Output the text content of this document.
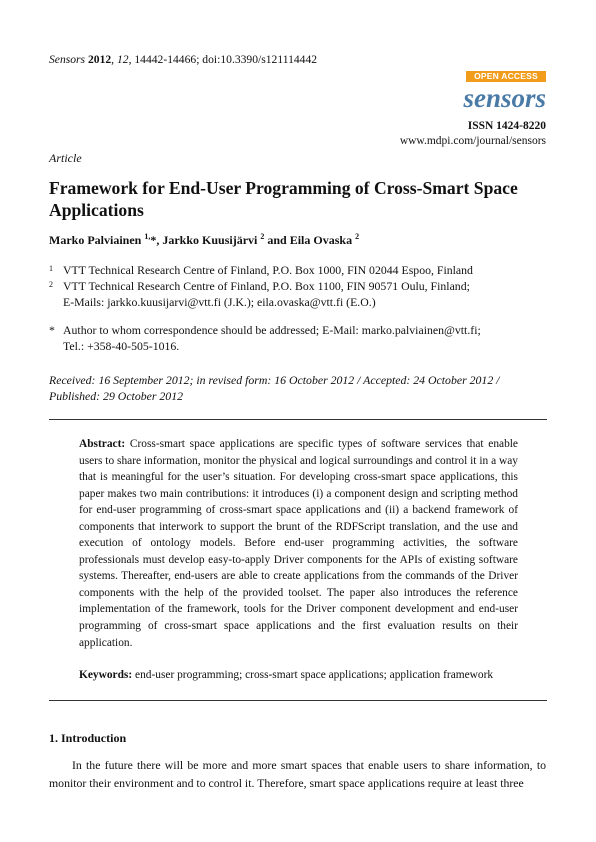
Sensors 2012, 12, 14442-14466; doi:10.3390/s121114442
OPEN ACCESS
sensors
ISSN 1424-8220
www.mdpi.com/journal/sensors
Article
Framework for End-User Programming of Cross-Smart Space Applications
Marko Palviainen $^{1,}$*, Jarkko Kuusijärvi $^2$ and Eila Ovaska $^2$
1 VTT Technical Research Centre of Finland, P.O. Box 1000, FIN 02044 Espoo, Finland
2 VTT Technical Research Centre of Finland, P.O. Box 1100, FIN 90571 Oulu, Finland;
E-Mails: jarkko.kuusijarvi@vtt.fi (J.K.); eila.ovaska@vtt.fi (E.O.)
* Author to whom correspondence should be addressed; E-Mail: marko.palviainen@vtt.fi;
Tel.: +358-40-505-1016.
Received: 16 September 2012; in revised form: 16 October 2012 / Accepted: 24 October 2012 /
Published: 29 October 2012
Abstract: Cross-smart space applications are specific types of software services that enable users to share information, monitor the physical and logical surroundings and control it in a way that is meaningful for the user’s situation. For developing cross-smart space applications, this paper makes two main contributions: it introduces (i) a component design and scripting method for end-user programming of cross-smart space applications and (ii) a backend framework of components that interwork to support the brunt of the RDFScript translation, and the use and execution of ontology models. Before end-user programming activities, the software professionals must develop easy-to-apply Driver components for the APIs of existing software systems. Thereafter, end-users are able to create applications from the commands of the Driver components with the help of the provided toolset. The paper also introduces the reference implementation of the framework, tools for the Driver component development and end-user programming of cross-smart space applications and the first evaluation results on their application.
Keywords: end-user programming; cross-smart space applications; application framework
1. Introduction
In the future there will be more and more smart spaces that enable users to share information, to monitor their environment and to control it. Therefore, smart space applications require at least three
